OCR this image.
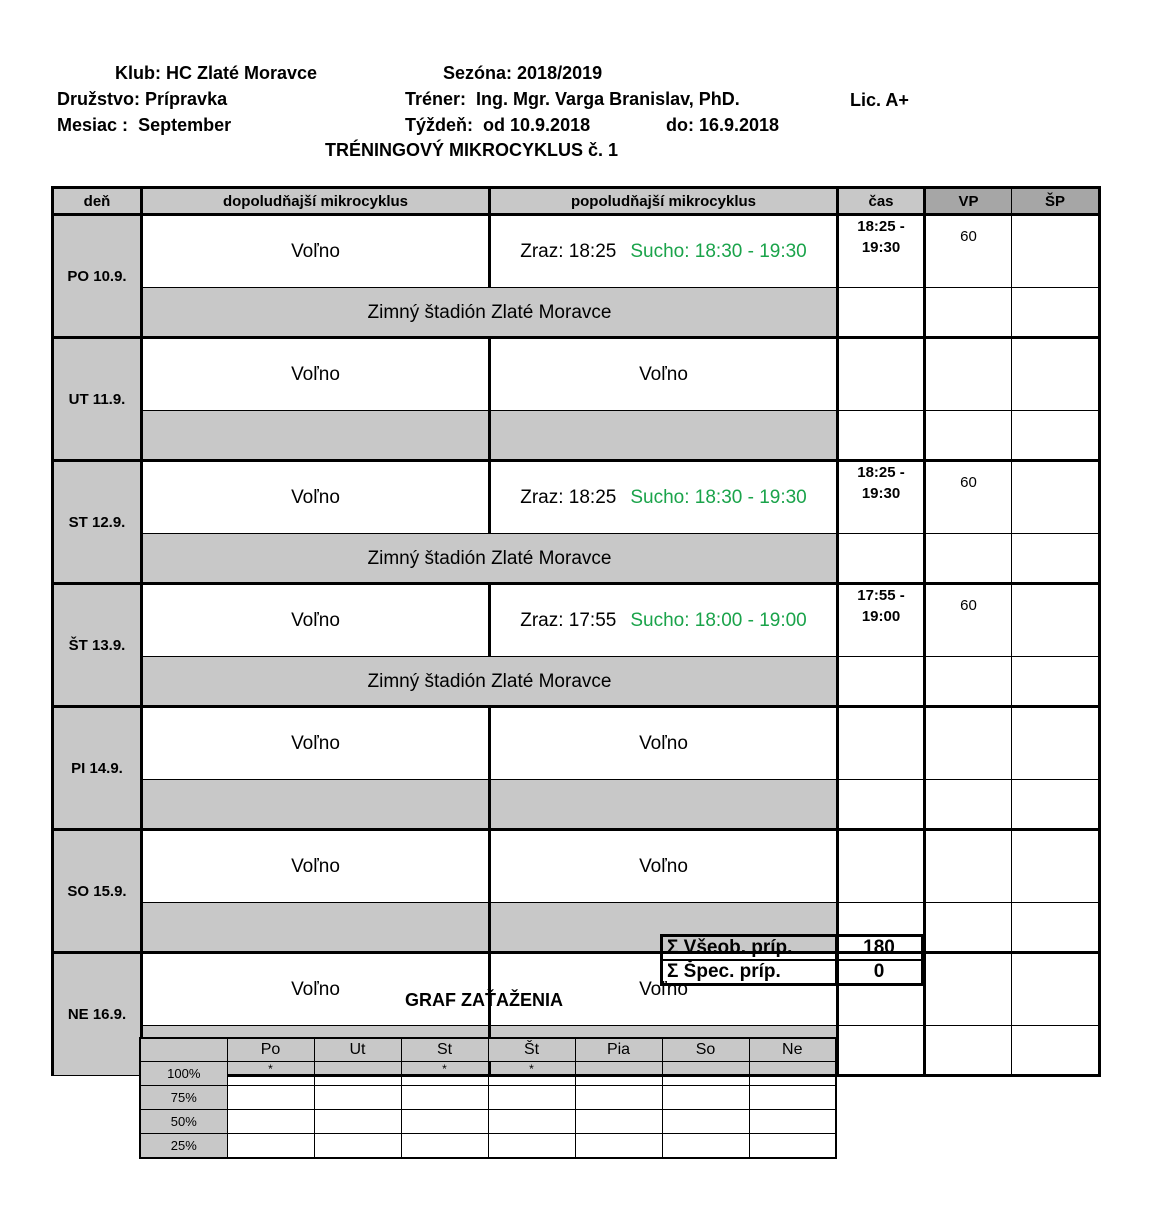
Klub: HC Zlaté Moravce	Sezóna: 2018/2019
Družstvo: Prípravka	Tréner: Ing. Mgr. Varga Branislav, PhD.	Lic. A+
Mesiac : September	Týždeň: od 10.9.2018	do: 16.9.2018
TRÉNINGOVÝ MIKROCYKLUS č. 1
deň	dopoludňajší mikrocyklus	popoludňajší mikrocyklus	čas	VP	ŠP
PO 10.9.	Voľno	Zraz: 18:25 Sucho: 18:30 - 19:30	18:25 -
19:30	60	
	Zimný štadión Zlaté Moravce				
UT 11.9.	Voľno	Voľno			

ST 12.9.	Voľno	Zraz: 18:25 Sucho: 18:30 - 19:30	18:25 -
19:30	60	
	Zimný štadión Zlaté Moravce				
ŠT 13.9.	Voľno	Zraz: 17:55 Sucho: 18:00 - 19:00	17:55 -
19:00	60	
	Zimný štadión Zlaté Moravce				
PI 14.9.	Voľno	Voľno			

SO 15.9.	Voľno	Voľno			

NE 16.9.	Voľno	Voľno			

Σ Všeob. príp.	180
Σ Špec. príp.	0
GRAF ZAŤAŽENIA
	Po	Ut	St	Št	Pia	So	Ne
100%	*		*	*			
75%							
50%							
25%							
